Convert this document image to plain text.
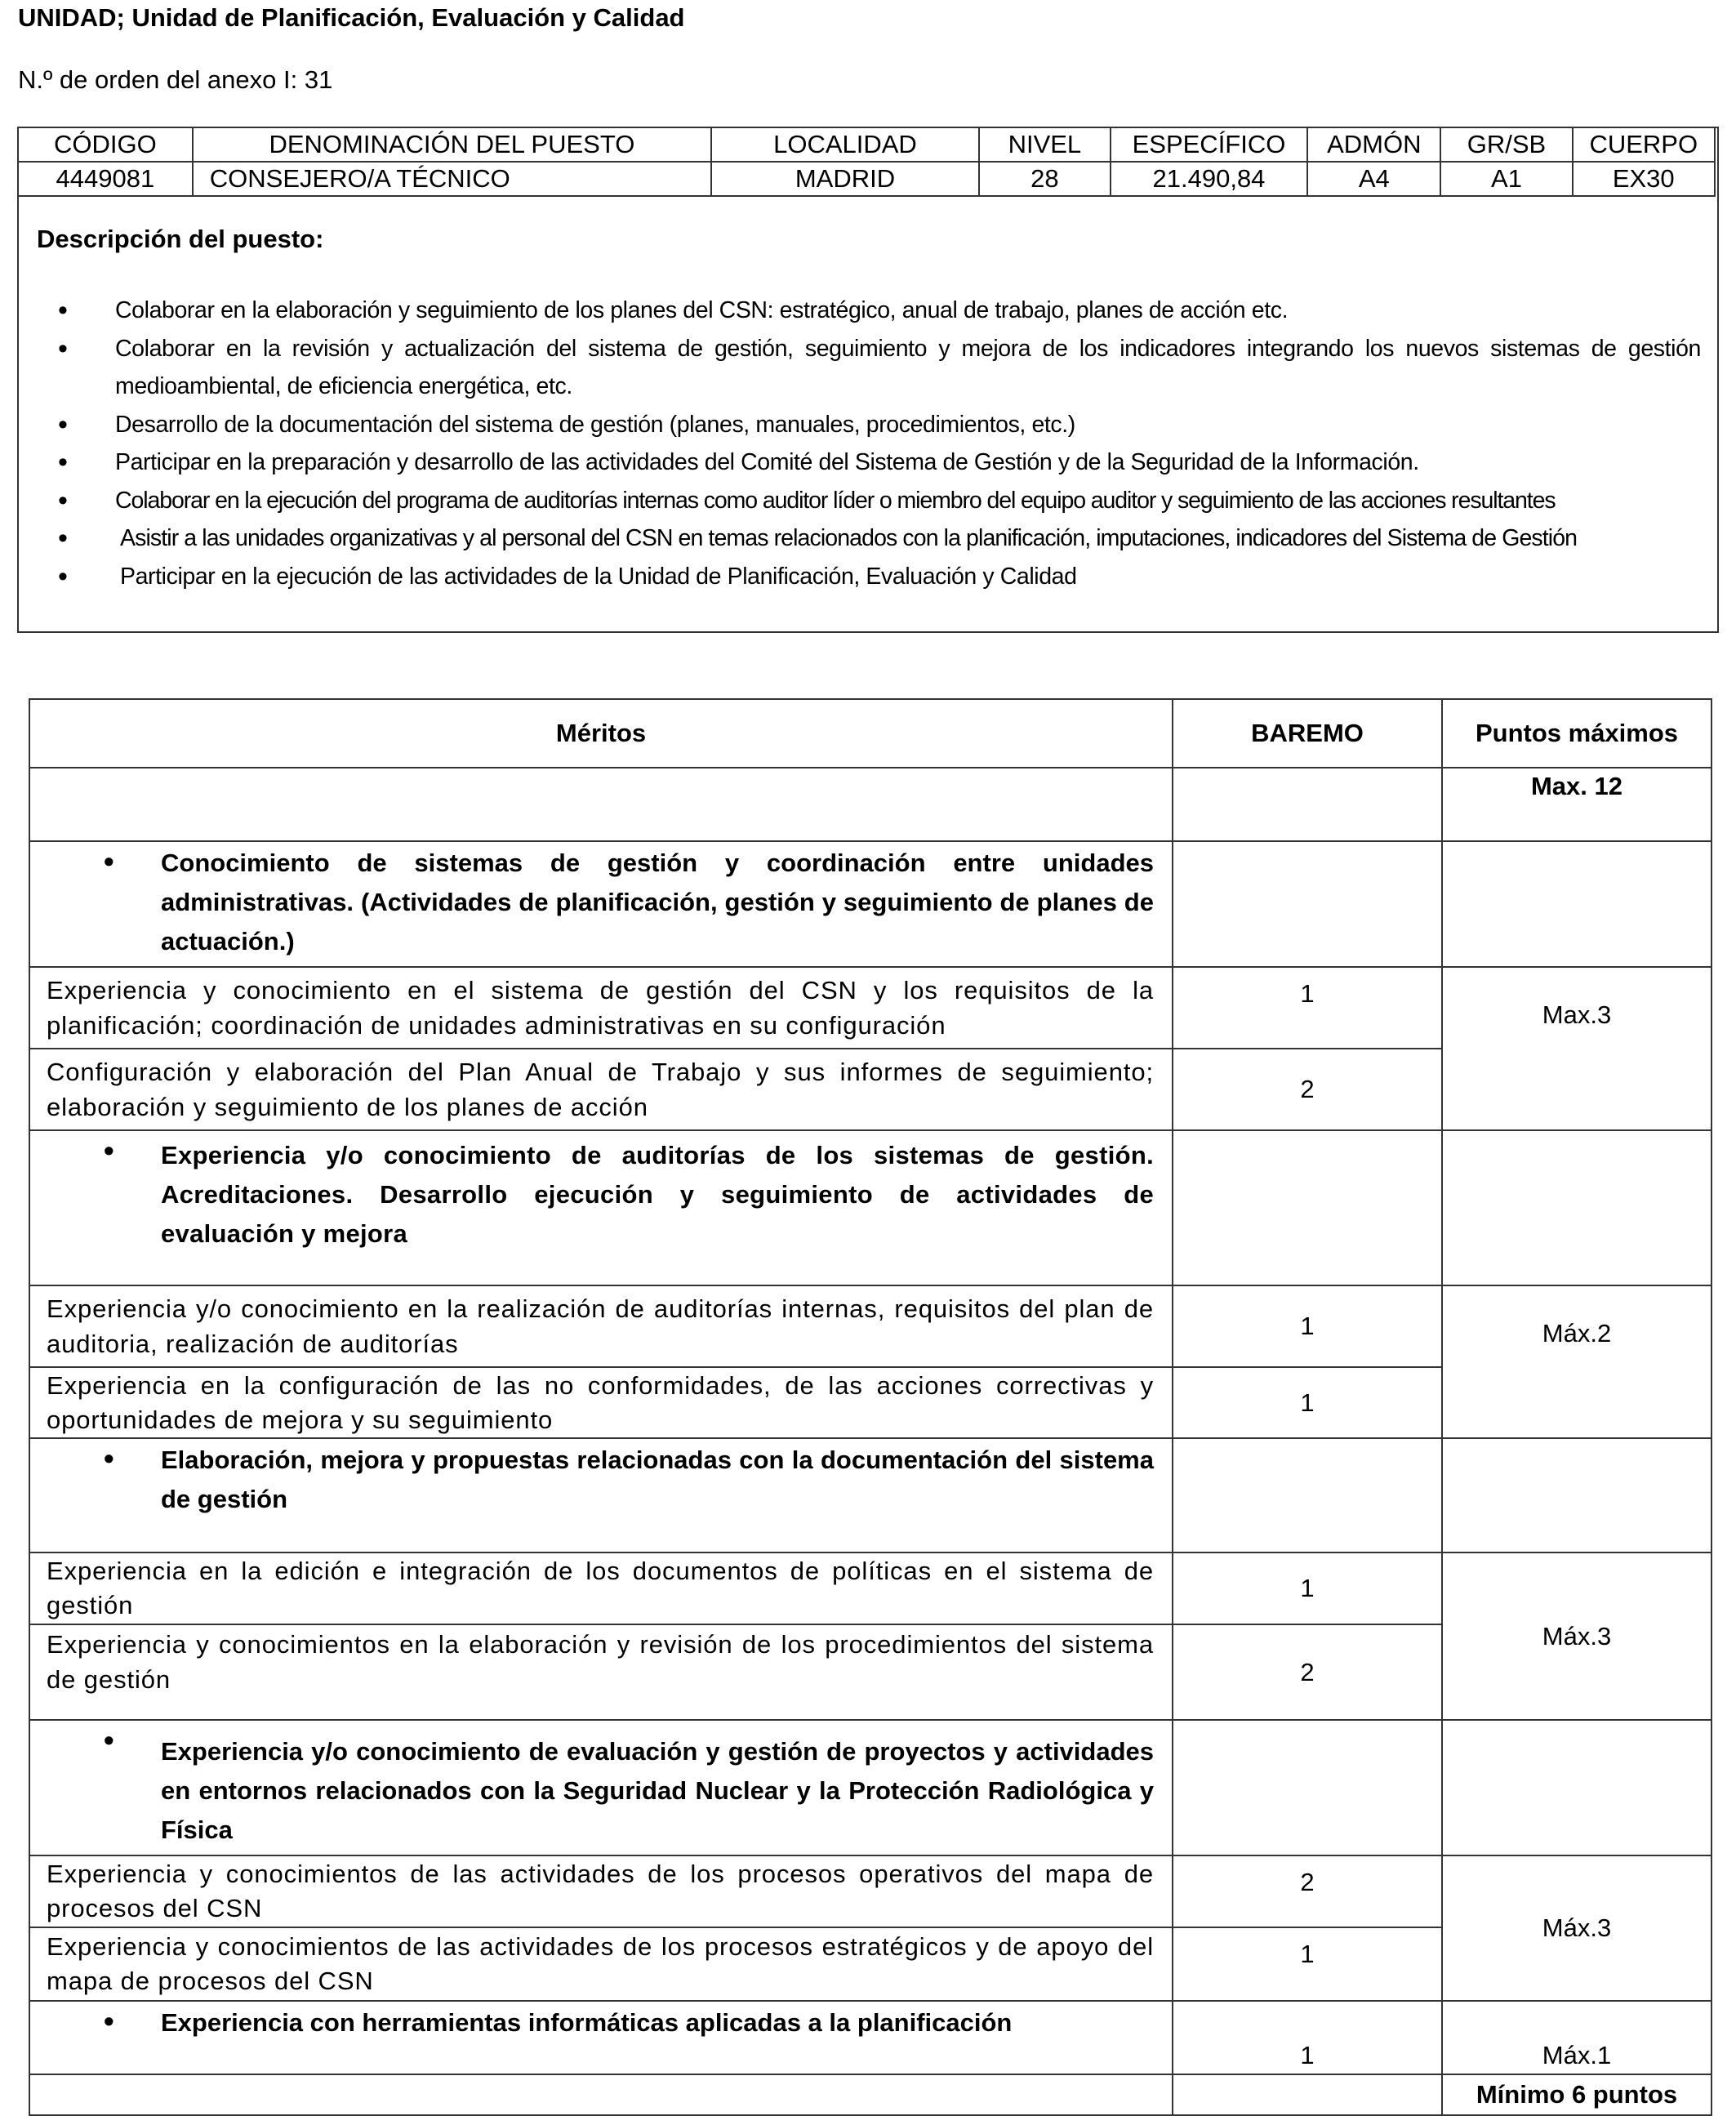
UNIDAD; Unidad de Planificación, Evaluación y Calidad
N.º de orden del anexo I: 31
CÓDIGO	DENOMINACIÓN DEL PUESTO	LOCALIDAD	NIVEL	ESPECÍFICO	ADMÓN	GR/SB	CUERPO
4449081	CONSEJERO/A TÉCNICO	MADRID	28	21.490,84	A4	A1	EX30
Descripción del puesto:
• Colaborar en la elaboración y seguimiento de los planes del CSN: estratégico, anual de trabajo, planes de acción etc.
• Colaborar en la revisión y actualización del sistema de gestión, seguimiento y mejora de los indicadores integrando los nuevos sistemas de gestión medioambiental, de eficiencia energética, etc.
• Desarrollo de la documentación del sistema de gestión (planes, manuales, procedimientos, etc.)
• Participar en la preparación y desarrollo de las actividades del Comité del Sistema de Gestión y de la Seguridad de la Información.
• Colaborar en la ejecución del programa de auditorías internas como auditor líder o miembro del equipo auditor y seguimiento de las acciones resultantes
• Asistir a las unidades organizativas y al personal del CSN en temas relacionados con la planificación, imputaciones, indicadores del Sistema de Gestión
• Participar en la ejecución de las actividades de la Unidad de Planificación, Evaluación y Calidad
Méritos	BAREMO	Puntos máximos
		Max. 12
• Conocimiento de sistemas de gestión y coordinación entre unidades administrativas. (Actividades de planificación, gestión y seguimiento de planes de actuación.)		
Experiencia y conocimiento en el sistema de gestión del CSN y los requisitos de la planificación; coordinación de unidades administrativas en su configuración	1	Max.3
Configuración y elaboración del Plan Anual de Trabajo y sus informes de seguimiento; elaboración y seguimiento de los planes de acción	2	
• Experiencia y/o conocimiento de auditorías de los sistemas de gestión. Acreditaciones. Desarrollo ejecución y seguimiento de actividades de evaluación y mejora		
Experiencia y/o conocimiento en la realización de auditorías internas, requisitos del plan de auditoria, realización de auditorías	1	Máx.2
Experiencia en la configuración de las no conformidades, de las acciones correctivas y oportunidades de mejora y su seguimiento	1	
• Elaboración, mejora y propuestas relacionadas con la documentación del sistema de gestión		
Experiencia en la edición e integración de los documentos de políticas en el sistema de gestión	1	Máx.3
Experiencia y conocimientos en la elaboración y revisión de los procedimientos del sistema de gestión	2	
• Experiencia y/o conocimiento de evaluación y gestión de proyectos y actividades en entornos relacionados con la Seguridad Nuclear y la Protección Radiológica y Física		
Experiencia y conocimientos de las actividades de los procesos operativos del mapa de procesos del CSN	2	Máx.3
Experiencia y conocimientos de las actividades de los procesos estratégicos y de apoyo del mapa de procesos del CSN	1	
• Experiencia con herramientas informáticas aplicadas a la planificación	1	Máx.1
		Mínimo 6 puntos
